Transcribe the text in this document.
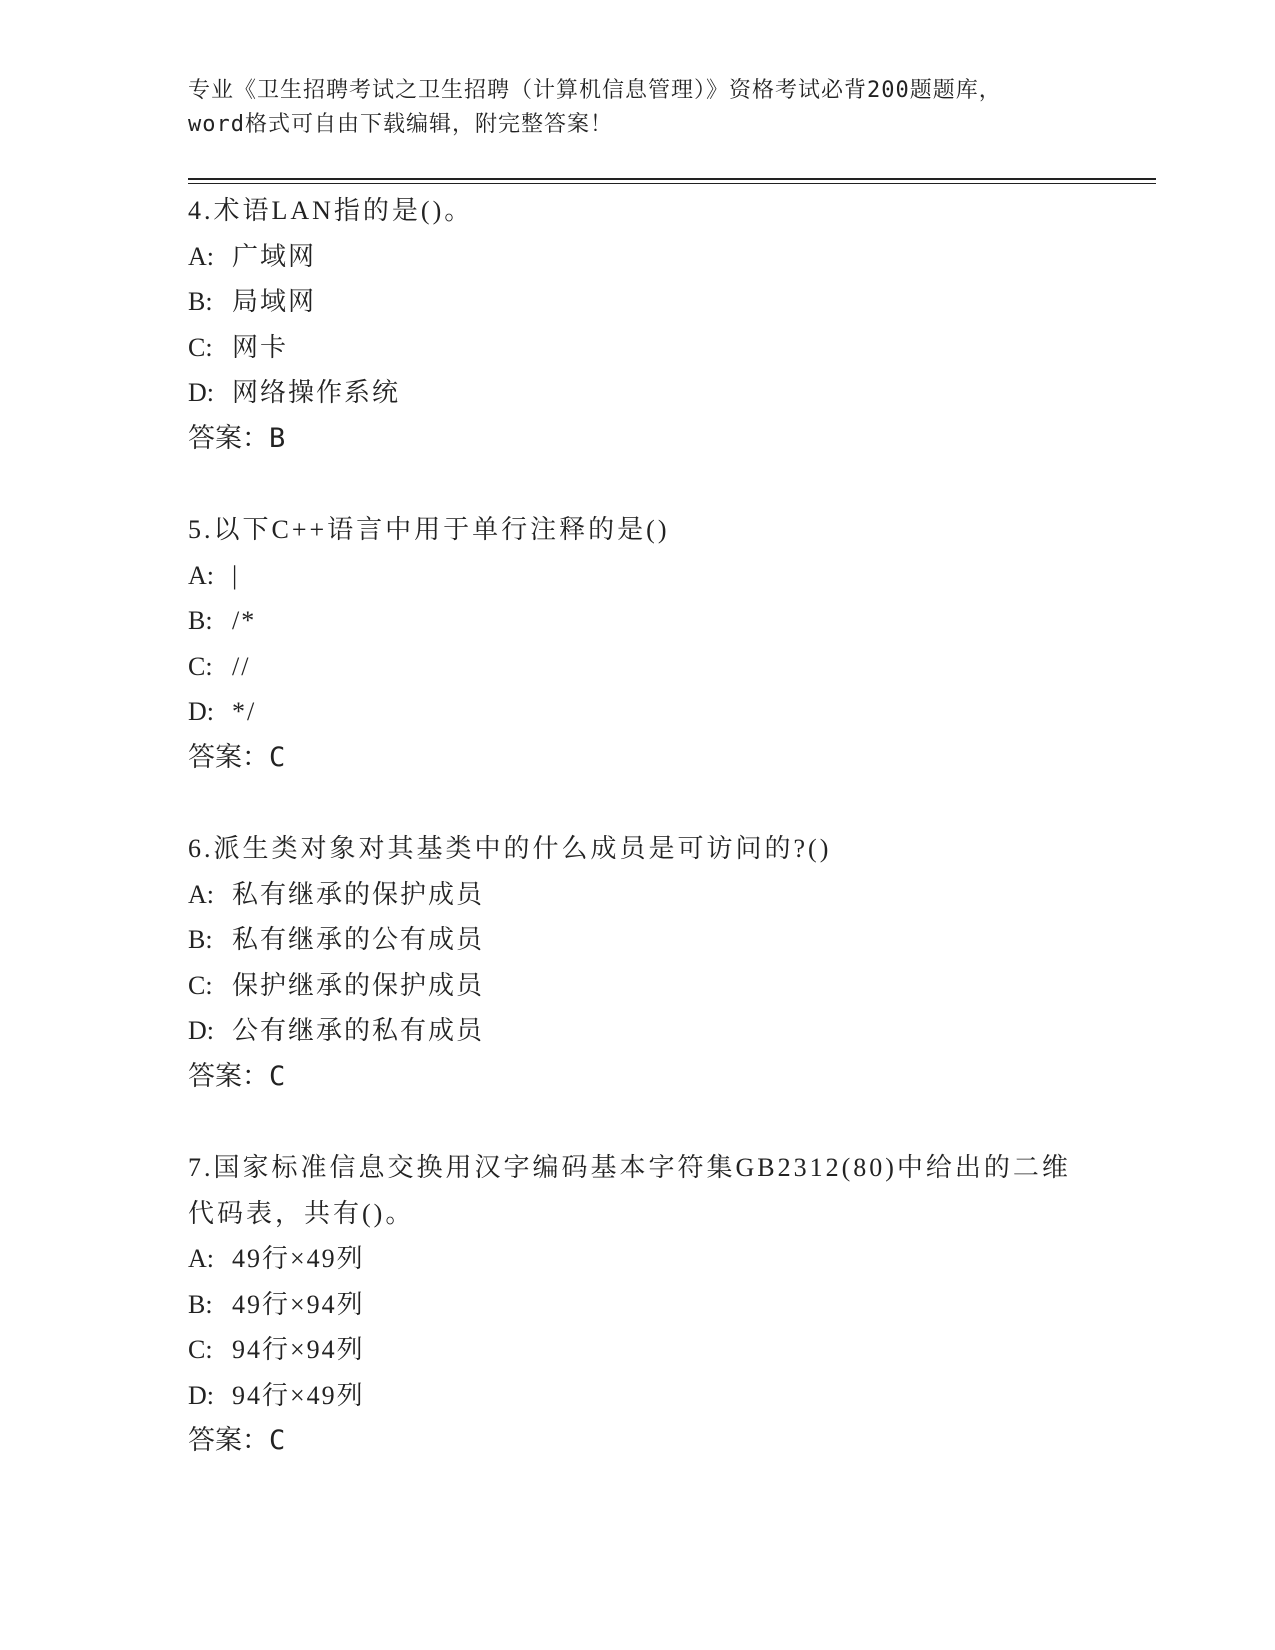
专业《卫生招聘考试之卫生招聘（计算机信息管理）》资格考试必背200题题库，
word格式可自由下载编辑，附完整答案！
4.术语LAN指的是()。
A: 广域网
B: 局域网
C: 网卡
D: 网络操作系统
答案：B
5.以下C++语言中用于单行注释的是()
A: |
B: /*
C: //
D: */
答案：C
6.派生类对象对其基类中的什么成员是可访问的?()
A: 私有继承的保护成员
B: 私有继承的公有成员
C: 保护继承的保护成员
D: 公有继承的私有成员
答案：C
7.国家标准信息交换用汉字编码基本字符集GB2312(80)中给出的二维
代码表，共有()。
A: 49行×49列
B: 49行×94列
C: 94行×94列
D: 94行×49列
答案：C
